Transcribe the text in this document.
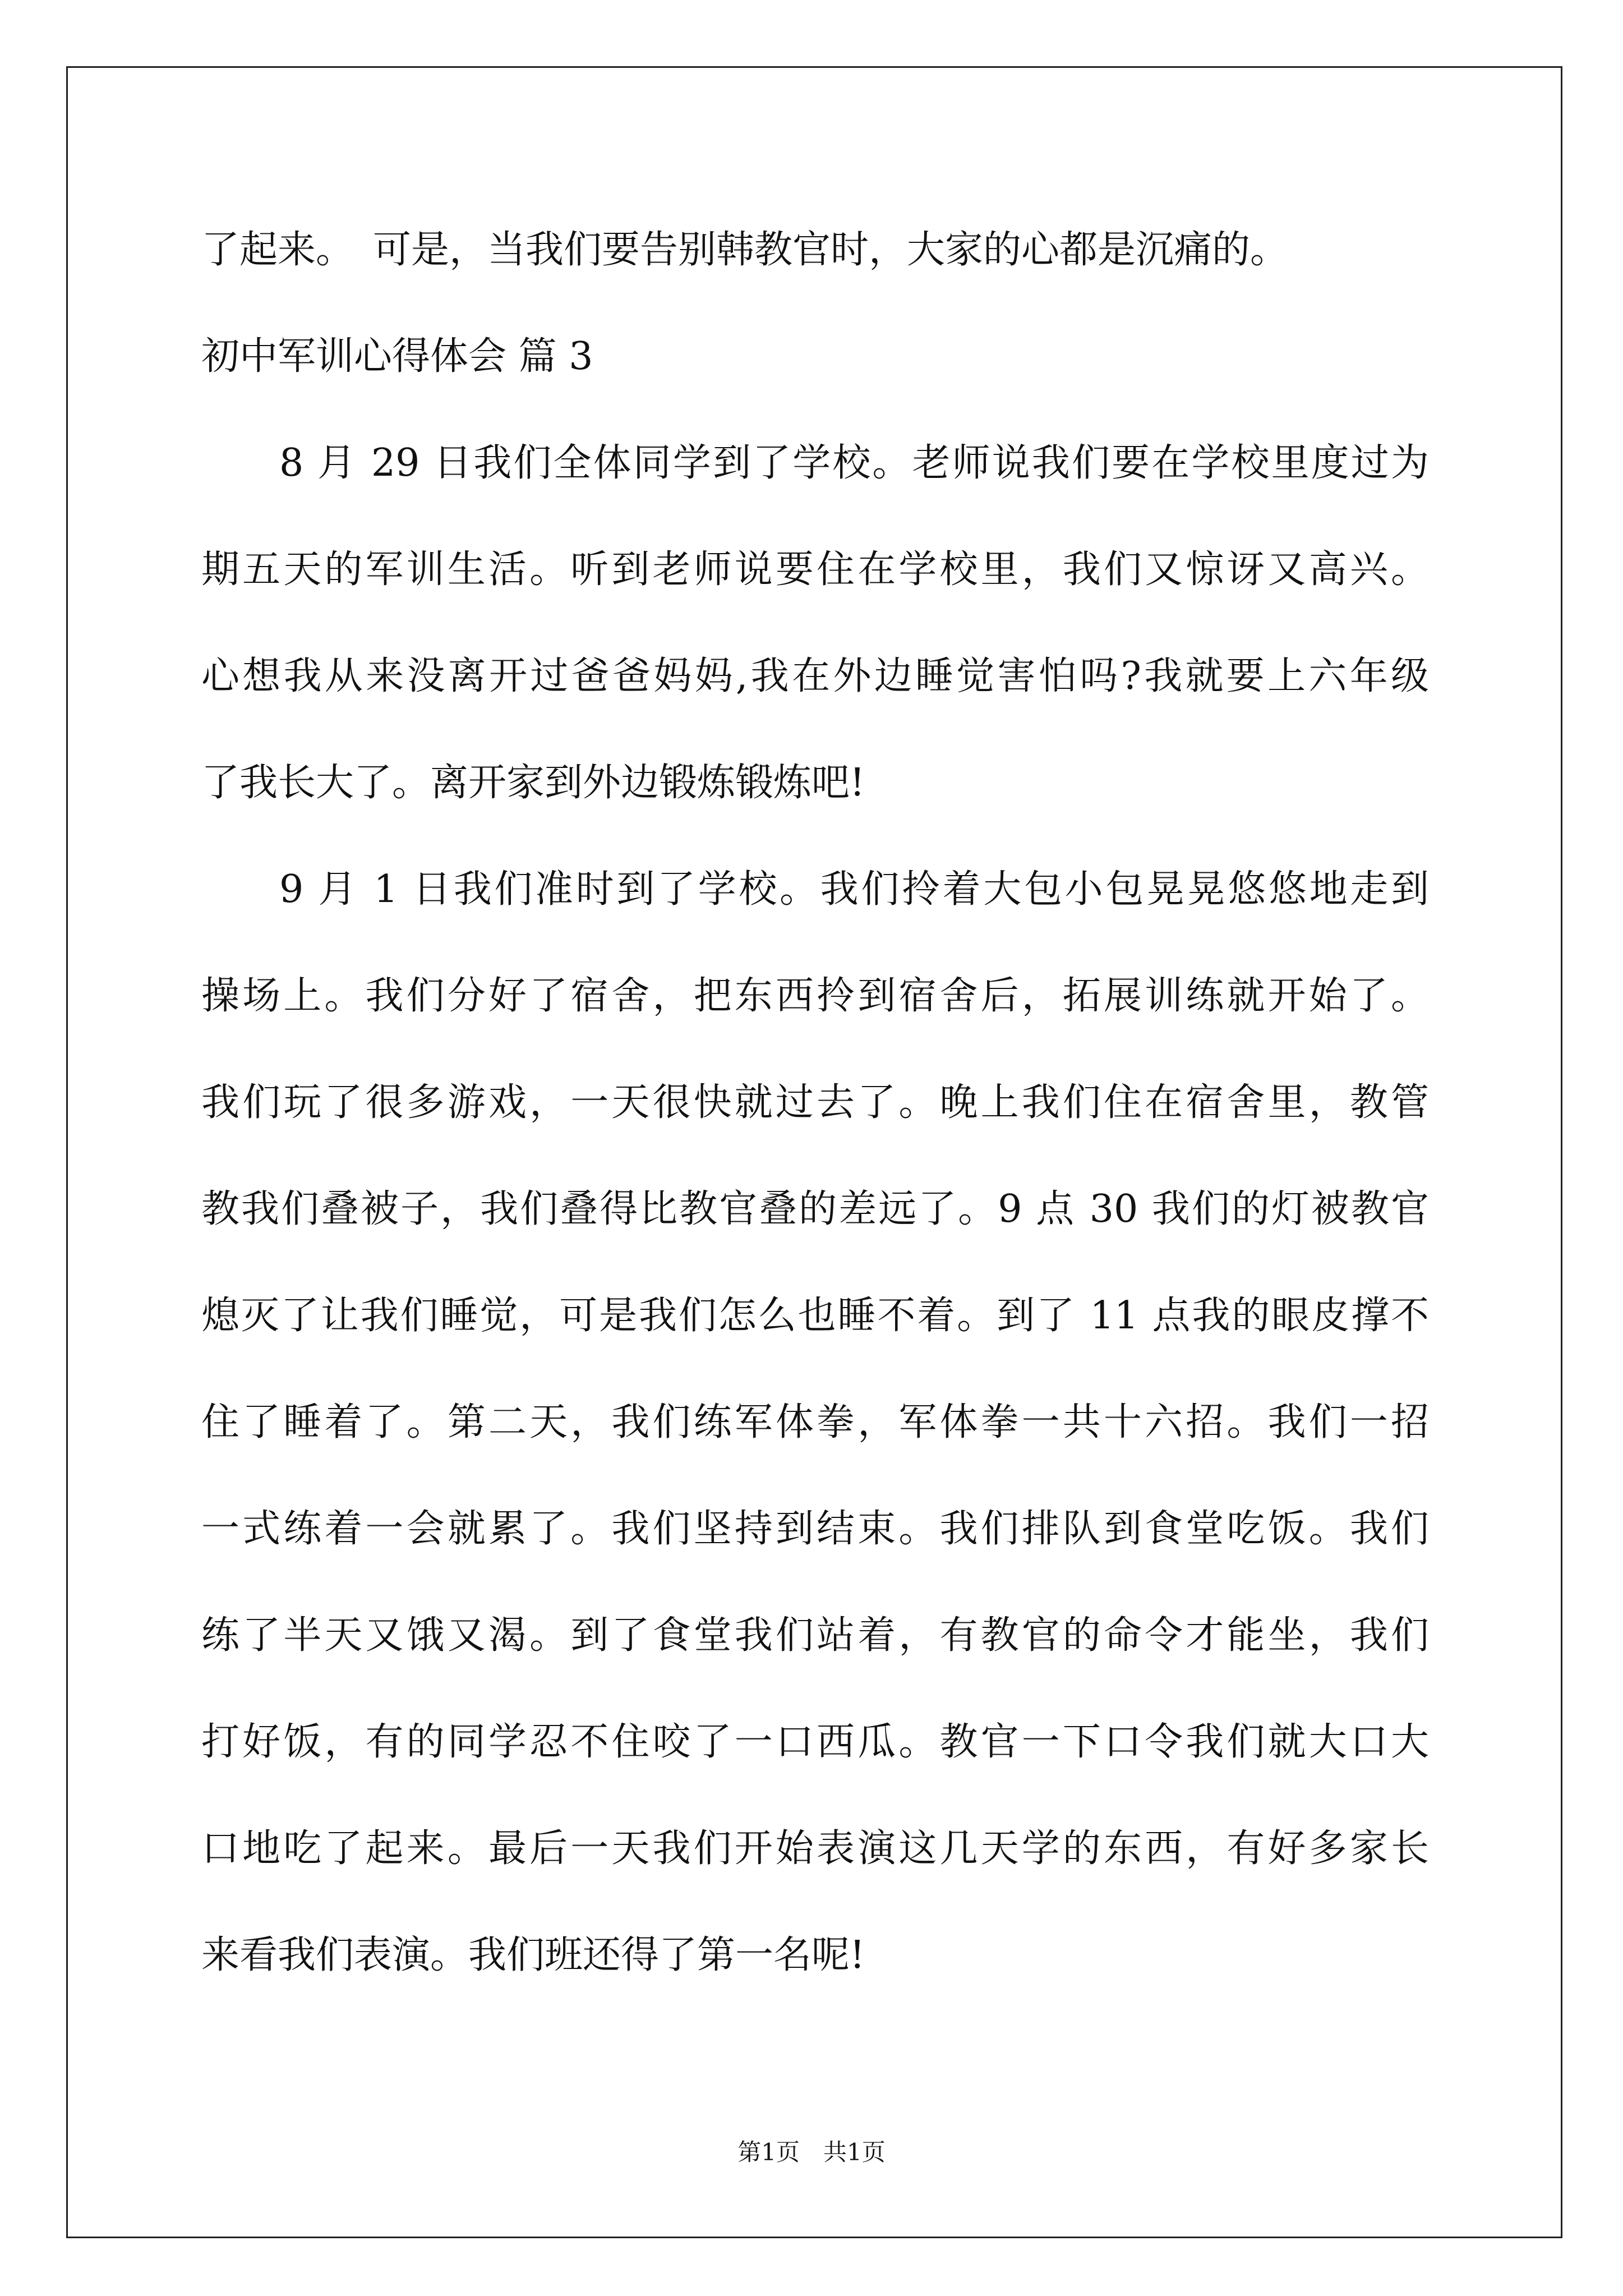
了起来。　可是，当我们要告别韩教官时，大家的心都是沉痛的。
初中军训心得体会 篇 3
8 月 29 日我们全体同学到了学校。老师说我们要在学校里度过为
期五天的军训生活。听到老师说要住在学校里，我们又惊讶又高兴。
心想我从来没离开过爸爸妈妈,我在外边睡觉害怕吗?我就要上六年级
了我长大了。离开家到外边锻炼锻炼吧!
9 月 1 日我们准时到了学校。我们拎着大包小包晃晃悠悠地走到
操场上。我们分好了宿舍，把东西拎到宿舍后，拓展训练就开始了。
我们玩了很多游戏，一天很快就过去了。晚上我们住在宿舍里，教管
教我们叠被子，我们叠得比教官叠的差远了。9 点 30 我们的灯被教官
熄灭了让我们睡觉，可是我们怎么也睡不着。到了 11 点我的眼皮撑不
住了睡着了。第二天，我们练军体拳，军体拳一共十六招。我们一招
一式练着一会就累了。我们坚持到结束。我们排队到食堂吃饭。我们
练了半天又饿又渴。到了食堂我们站着，有教官的命令才能坐，我们
打好饭，有的同学忍不住咬了一口西瓜。教官一下口令我们就大口大
口地吃了起来。最后一天我们开始表演这几天学的东西，有好多家长
来看我们表演。我们班还得了第一名呢!
第1页　共1页
